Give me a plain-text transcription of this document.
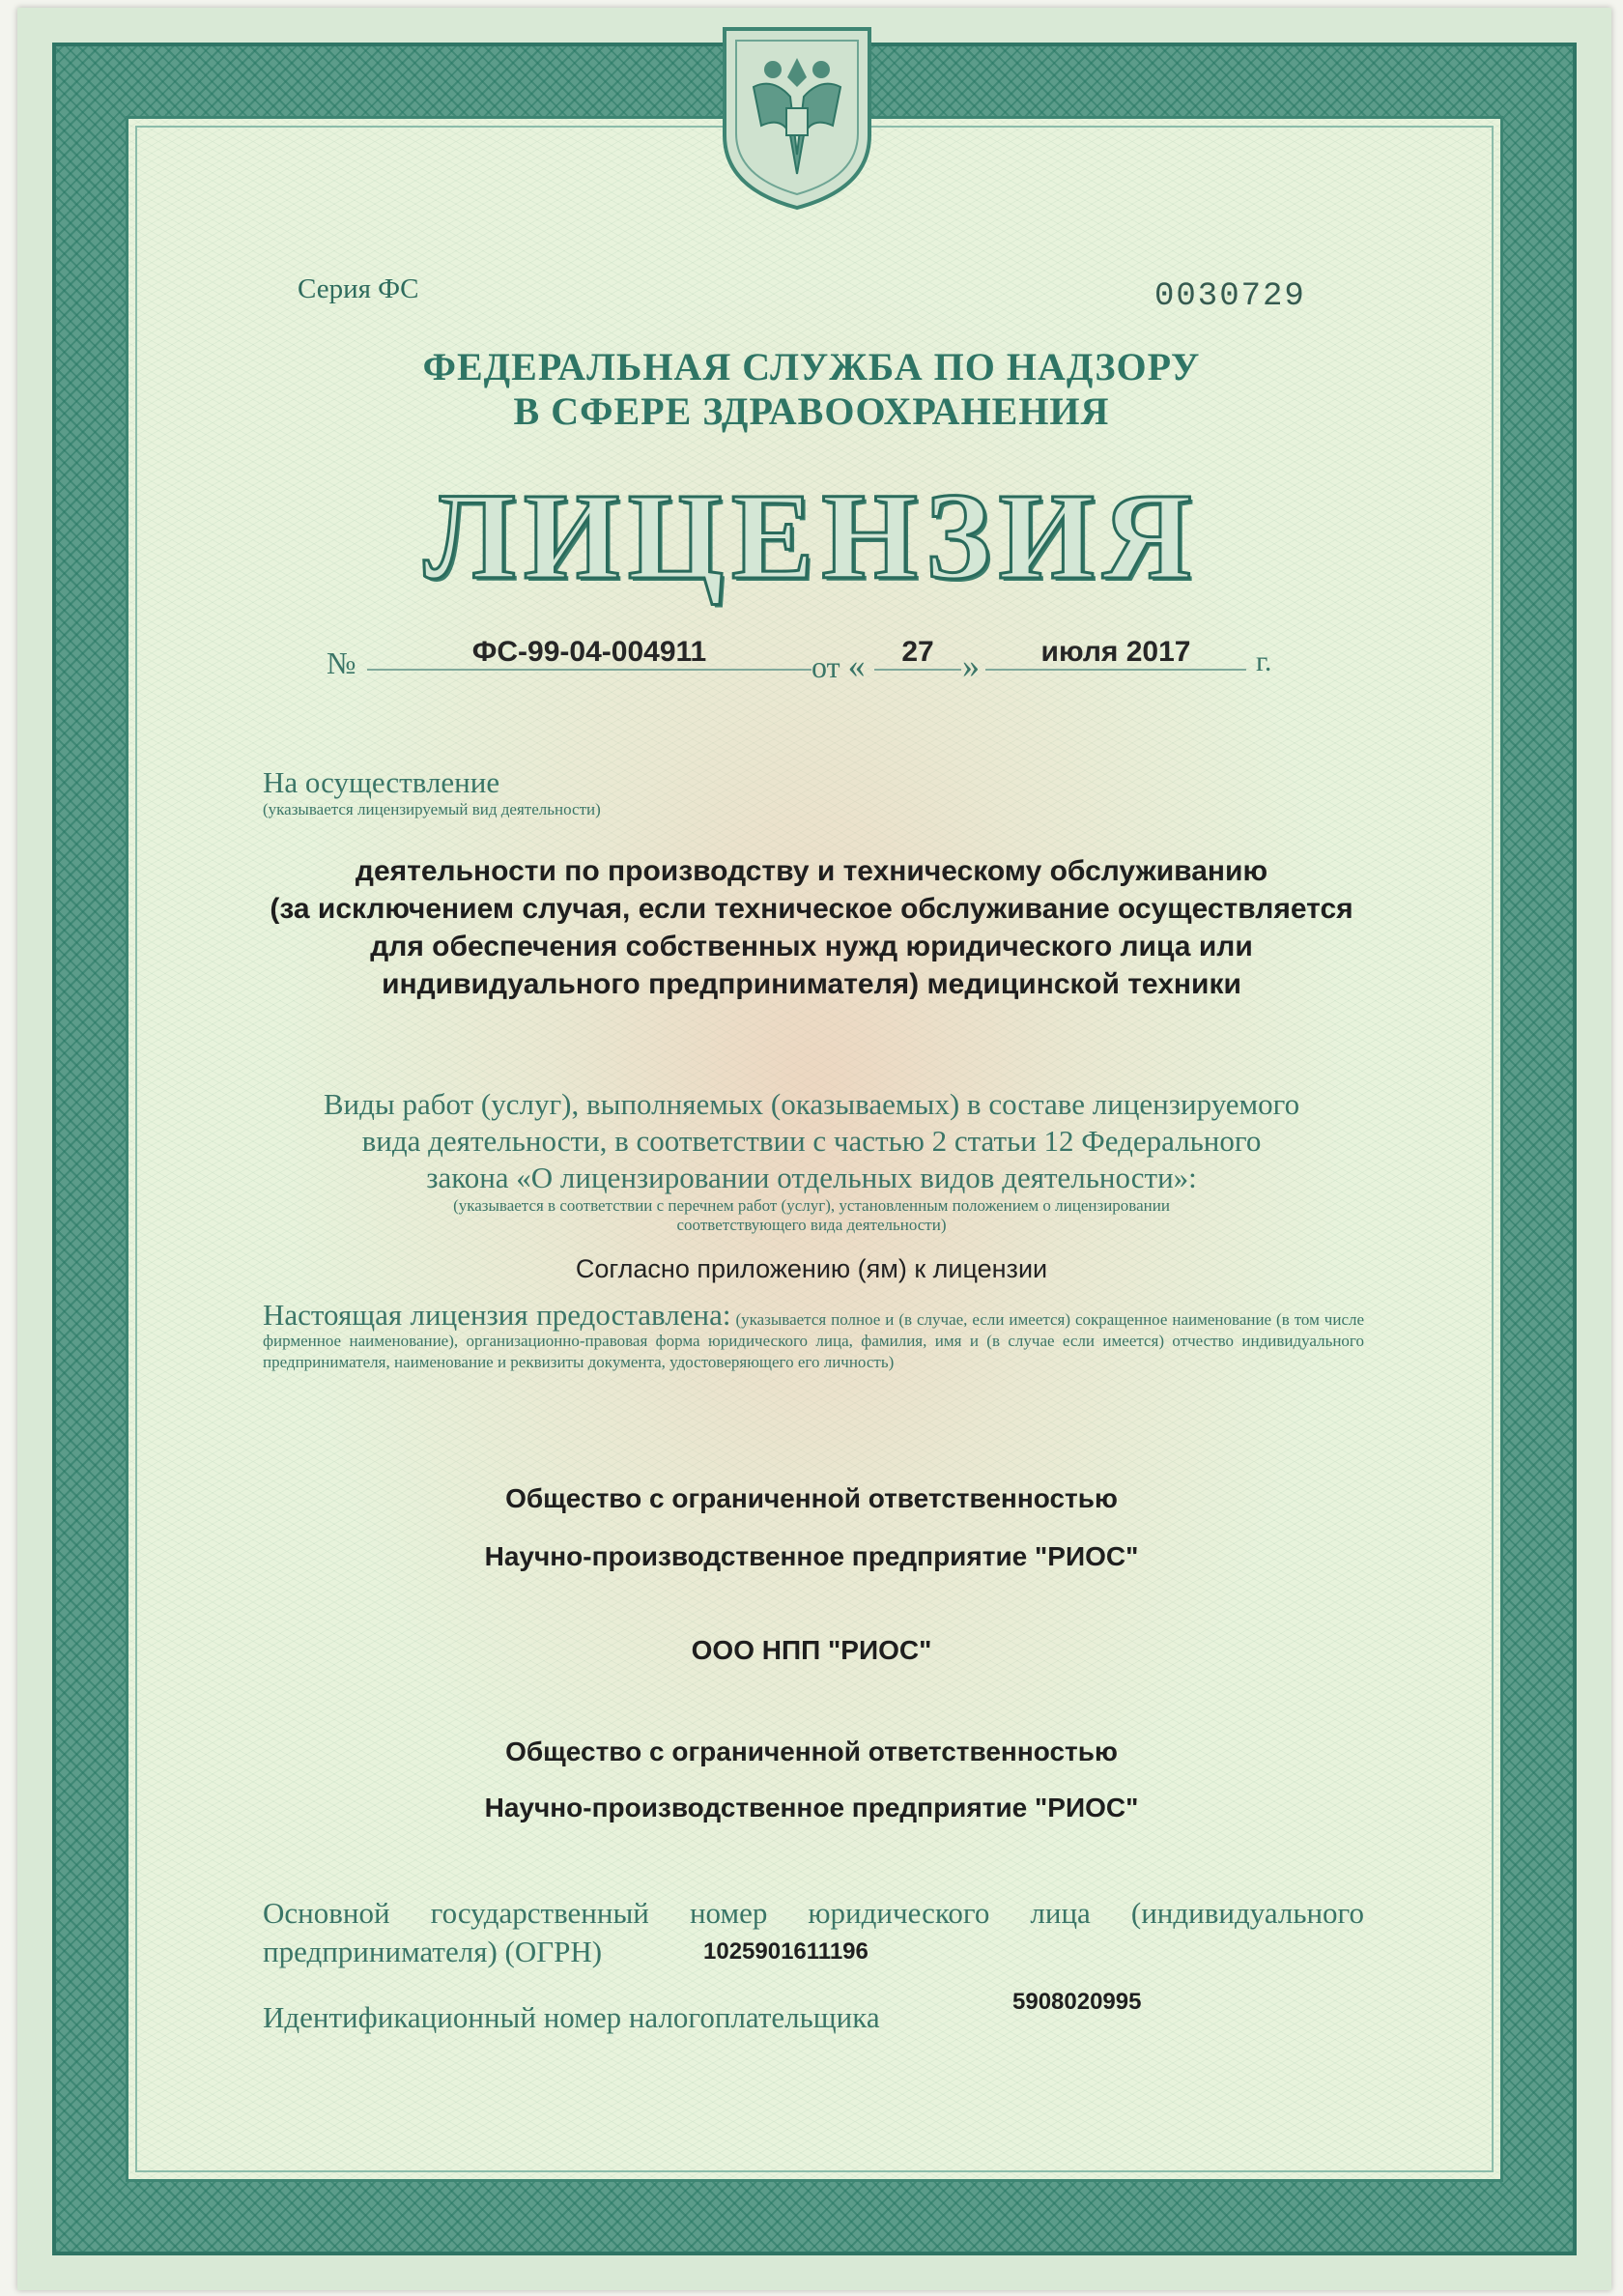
Серия ФС	0030729
ФЕДЕРАЛЬНАЯ СЛУЖБА ПО НАДЗОРУ
В СФЕРЕ ЗДРАВООХРАНЕНИЯ
ЛИЦЕНЗИЯ
№	ФС-99-04-004911	от «	27 »	июля 2017	г.
На осуществление
(указывается лицензируемый вид деятельности)
деятельности по производству и техническому обслуживанию
(за исключением случая, если техническое обслуживание осуществляется
для обеспечения собственных нужд юридического лица или
индивидуального предпринимателя) медицинской техники
Виды работ (услуг), выполняемых (оказываемых) в составе лицензируемого
вида деятельности, в соответствии с частью 2 статьи 12 Федерального
закона «О лицензировании отдельных видов деятельности»:
(указывается в соответствии с перечнем работ (услуг), установленным положением о лицензировании
соответствующего вида деятельности)
Согласно приложению (ям) к лицензии
Настоящая лицензия предоставлена: (указывается полное и (в случае, если имеется) сокращенное наименование (в том числе фирменное наименование), организационно-правовая форма юридического лица, фамилия, имя и (в случае если имеется) отчество индивидуального предпринимателя, наименование и реквизиты документа, удостоверяющего его личность)
Общество с ограниченной ответственностью
Научно-производственное предприятие "РИОС"
ООО НПП "РИОС"
Общество с ограниченной ответственностью
Научно-производственное предприятие "РИОС"
Основной государственный номер юридического лица (индивидуального предпринимателя) (ОГРН)	1025901611196
Идентификационный номер налогоплательщика	5908020995
